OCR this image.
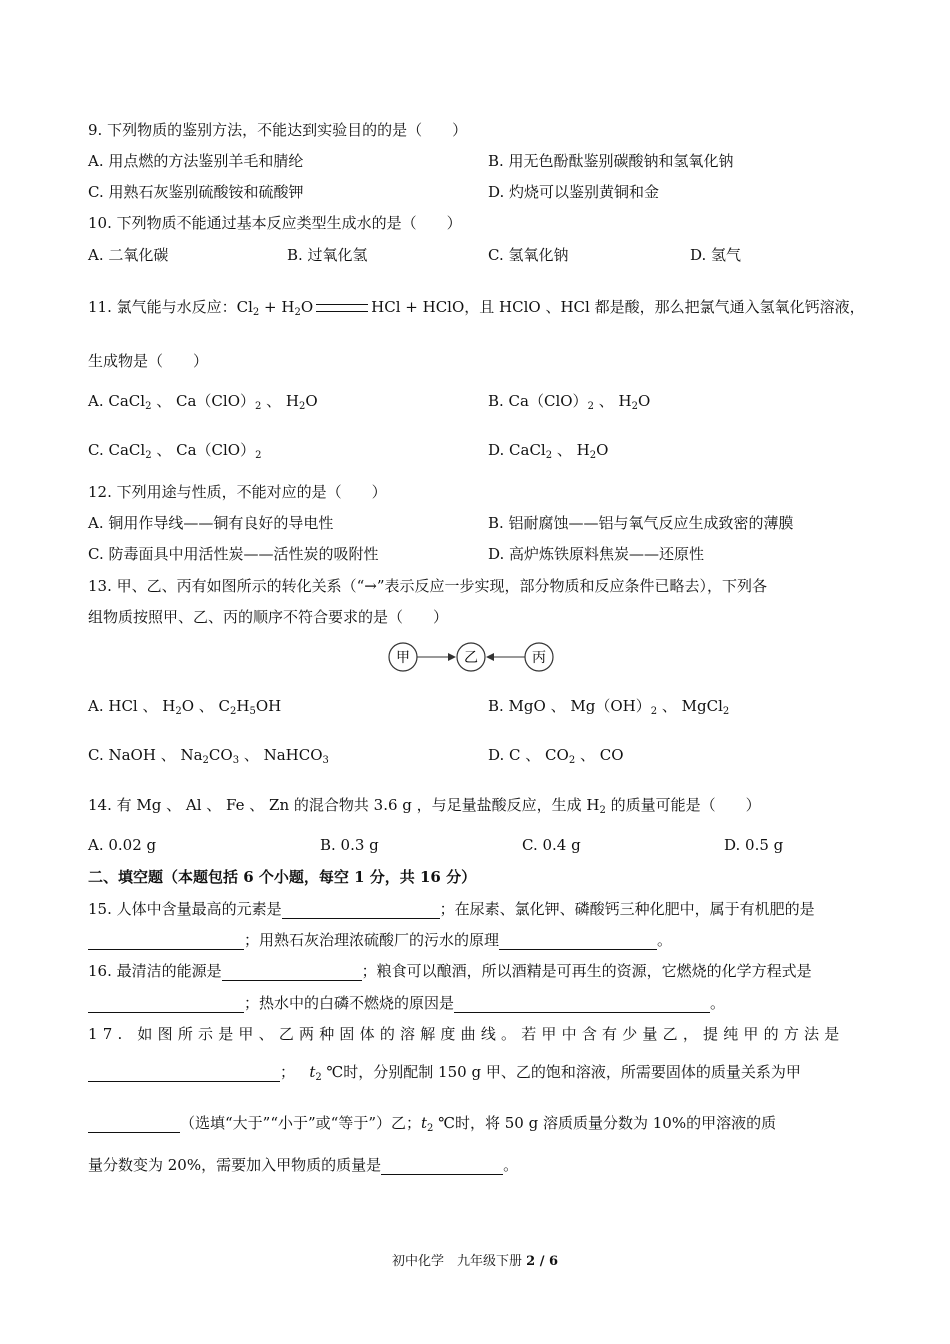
9. 下列物质的鉴别方法，不能达到实验目的的是（　　）
A. 用点燃的方法鉴别羊毛和腈纶	B. 用无色酚酞鉴别碳酸钠和氢氧化钠
C. 用熟石灰鉴别硫酸铵和硫酸钾	D. 灼烧可以鉴别黄铜和金
10. 下列物质不能通过基本反应类型生成水的是（　　）
A. 二氧化碳	B. 过氧化氢	C. 氢氧化钠	D. 氢气
11. 氯气能与水反应：$Cl_2 + H_2O$	HCl + HClO，且 HClO 、HCl 都是酸，那么把氯气通入氢氧化钙溶液，
生成物是（　　）
A. CaCl$_2$ 、 $Ca(ClO)_2$ 、 $H_2O$	B. $Ca(ClO)_2$ 、 $H_2O$
C. CaCl$_2$ 、 $Ca(ClO)_2$	D. CaCl$_2$ 、 $H_2O$
12. 下列用途与性质，不能对应的是（　　）
A. 铜用作导线——铜有良好的导电性	B. 铝耐腐蚀——铝与氧气反应生成致密的薄膜
C. 防毒面具中用活性炭——活性炭的吸附性	D. 高炉炼铁原料焦炭——还原性
13. 甲、乙、丙有如图所示的转化关系（“→”表示反应一步实现，部分物质和反应条件已略去），下列各
组物质按照甲、乙、丙的顺序不符合要求的是（　　）
甲	乙	丙
A. HCl 、 $H_2O$ 、 $C_2H_5OH$	B. MgO 、 $Mg(OH)_2$ 、 MgCl$_2$
C. NaOH 、 $Na_2CO_3$ 、 NaHCO$_3$	D. C 、 $CO_2$ 、 CO
14. 有 Mg 、 Al 、 Fe 、 Zn 的混合物共 3.6 g ，与足量盐酸反应，生成 $H_2$ 的质量可能是（　　）
A. 0.02 g	B. 0.3 g	C. 0.4 g	D. 0.5 g
二、填空题（本题包括 6 个小题，每空 1 分，共 16 分）
15. 人体中含量最高的元素是	；在尿素、氯化钾、磷酸钙三种化肥中，属于有机肥的是
；用熟石灰治理浓硫酸厂的污水的原理	。
16. 最清洁的能源是	；粮食可以酿酒，所以酒精是可再生的资源，它燃烧的化学方程式是
；热水中的白磷不燃烧的原因是	。
17. 如图所示是甲、乙两种固体的溶解度曲线。若甲中含有少量乙，提纯甲的方法是
； $t_2$ ℃时，分别配制 150 g 甲、乙的饱和溶液，所需要固体的质量关系为甲
（选填“大于”“小于”或“等于”）乙；$t_2$ ℃时，将 50 g 溶质质量分数为 10%的甲溶液的质
量分数变为 20%，需要加入甲物质的质量是	。
初中化学　九年级下册 2 / 6
